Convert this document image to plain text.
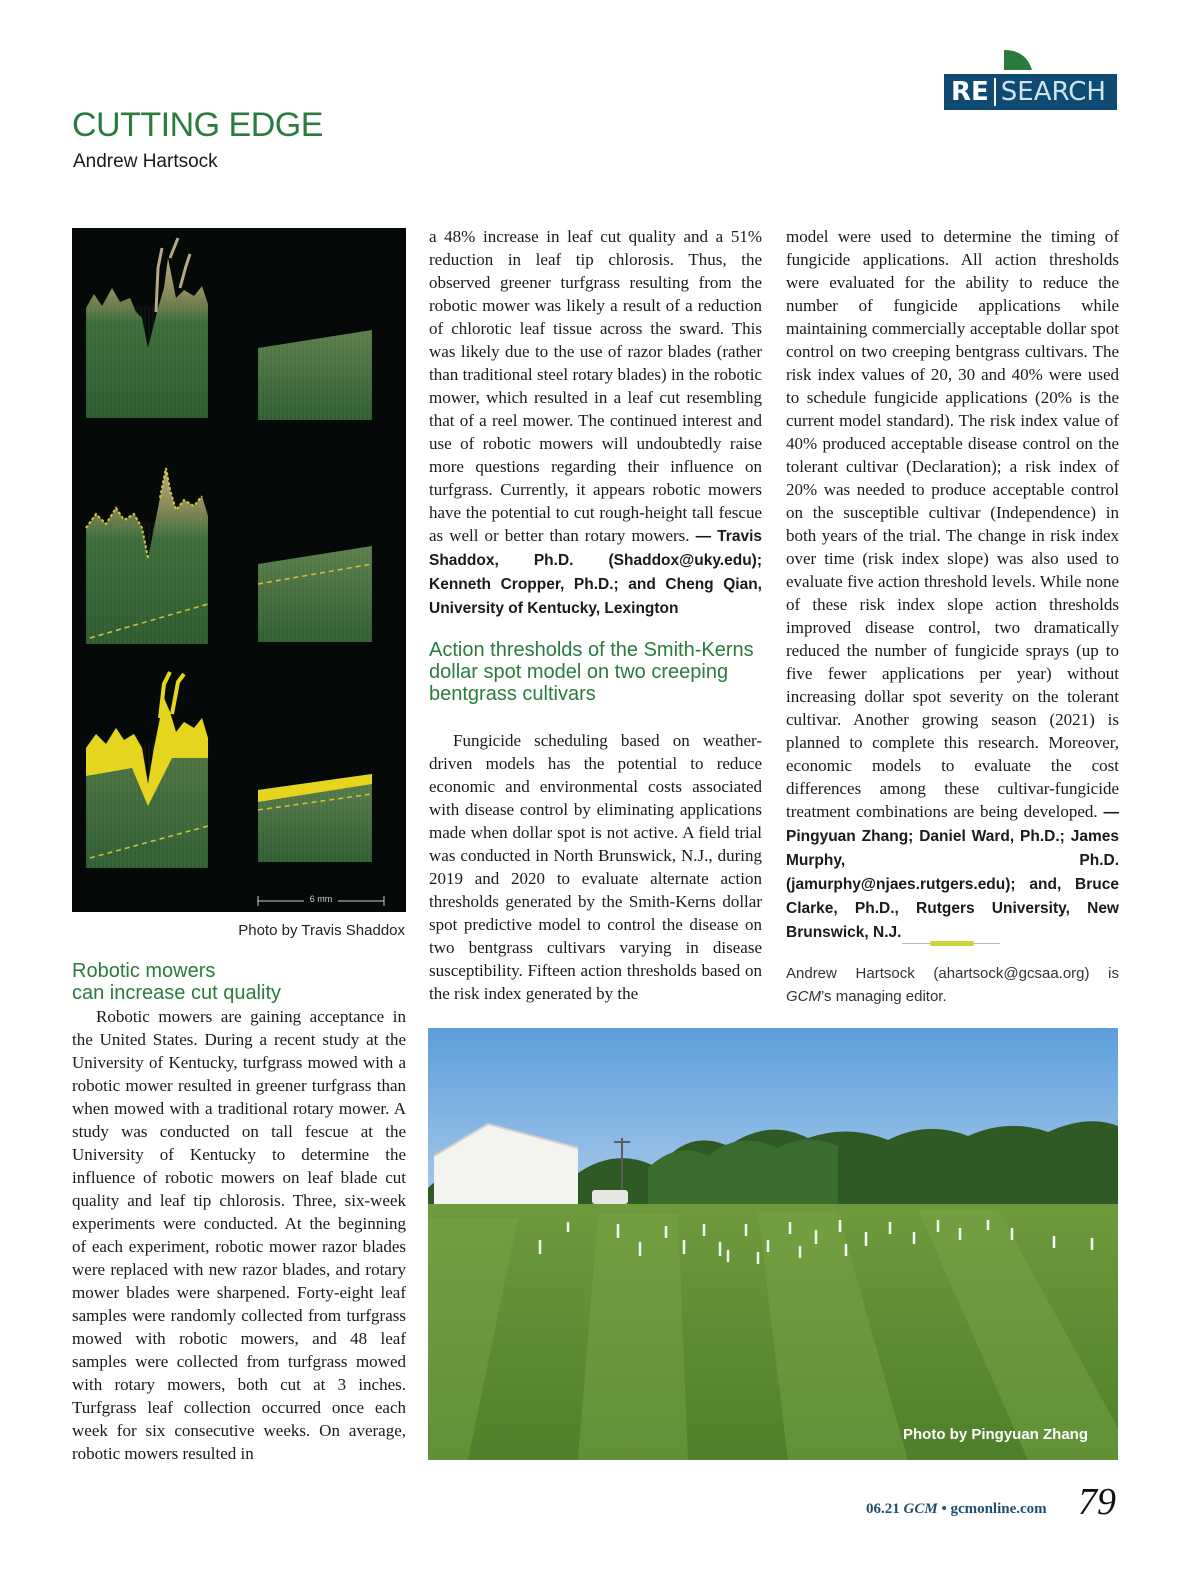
RE SEARCH
CUTTING EDGE
Andrew Hartsock
6 mm
Photo by Travis Shaddox
Robotic mowers
can increase cut quality

Robotic mowers are gaining acceptance in the United States. During a recent study at the University of Kentucky, turfgrass mowed with a robotic mower resulted in greener turfgrass than when mowed with a traditional rotary mower. A study was conducted on tall fescue at the University of Kentucky to determine the influence of robotic mowers on leaf blade cut quality and leaf tip chlorosis. Three, six-week experiments were conducted. At the beginning of each experiment, robotic mower razor blades were replaced with new razor blades, and rotary mower blades were sharpened. Forty-eight leaf samples were randomly collected from turfgrass mowed with robotic mowers, and 48 leaf samples were collected from turfgrass mowed with rotary mowers, both cut at 3 inches. Turfgrass leaf collection occurred once each week for six consecutive weeks. On average, robotic mowers resulted in

a 48% increase in leaf cut quality and a 51% reduction in leaf tip chlorosis. Thus, the observed greener turfgrass resulting from the robotic mower was likely a result of a reduction of chlorotic leaf tissue across the sward. This was likely due to the use of razor blades (rather than traditional steel rotary blades) in the robotic mower, which resulted in a leaf cut resembling that of a reel mower. The continued interest and use of robotic mowers will undoubtedly raise more questions regarding their influence on turfgrass. Currently, it appears robotic mowers have the potential to cut rough-height tall fescue as well or better than rotary mowers. — Travis Shaddox, Ph.D. (Shaddox@uky.edu); Kenneth Cropper, Ph.D.; and Cheng Qian, University of Kentucky, Lexington

Action thresholds of the Smith-Kerns dollar spot model on two creeping bentgrass cultivars

Fungicide scheduling based on weather-driven models has the potential to reduce economic and environmental costs associated with disease control by eliminating applications made when dollar spot is not active. A field trial was conducted in North Brunswick, N.J., during 2019 and 2020 to evaluate alternate action thresholds generated by the Smith-Kerns dollar spot predictive model to control the disease on two bentgrass cultivars varying in disease susceptibility. Fifteen action thresholds based on the risk index generated by the

model were used to determine the timing of fungicide applications. All action thresholds were evaluated for the ability to reduce the number of fungicide applications while maintaining commercially acceptable dollar spot control on two creeping bentgrass cultivars. The risk index values of 20, 30 and 40% were used to schedule fungicide applications (20% is the current model standard). The risk index value of 40% produced acceptable disease control on the tolerant cultivar (Declaration); a risk index of 20% was needed to produce acceptable control on the susceptible cultivar (Independence) in both years of the trial. The change in risk index over time (risk index slope) was also used to evaluate five action threshold levels. While none of these risk index slope action thresholds improved disease control, two dramatically reduced the number of fungicide sprays (up to five fewer applications per year) without increasing dollar spot severity on the tolerant cultivar. Another growing season (2021) is planned to complete this research. Moreover, economic models to evaluate the cost differences among these cultivar-fungicide treatment combinations are being developed. — Pingyuan Zhang; Daniel Ward, Ph.D.; James Murphy, Ph.D. (jamurphy@njaes.rutgers.edu); and, Bruce Clarke, Ph.D., Rutgers University, New Brunswick, N.J.

Andrew Hartsock (ahartsock@gcsaa.org) is GCM’s managing editor.
Photo by Pingyuan Zhang
06.21 GCM • gcmonline.com 79
